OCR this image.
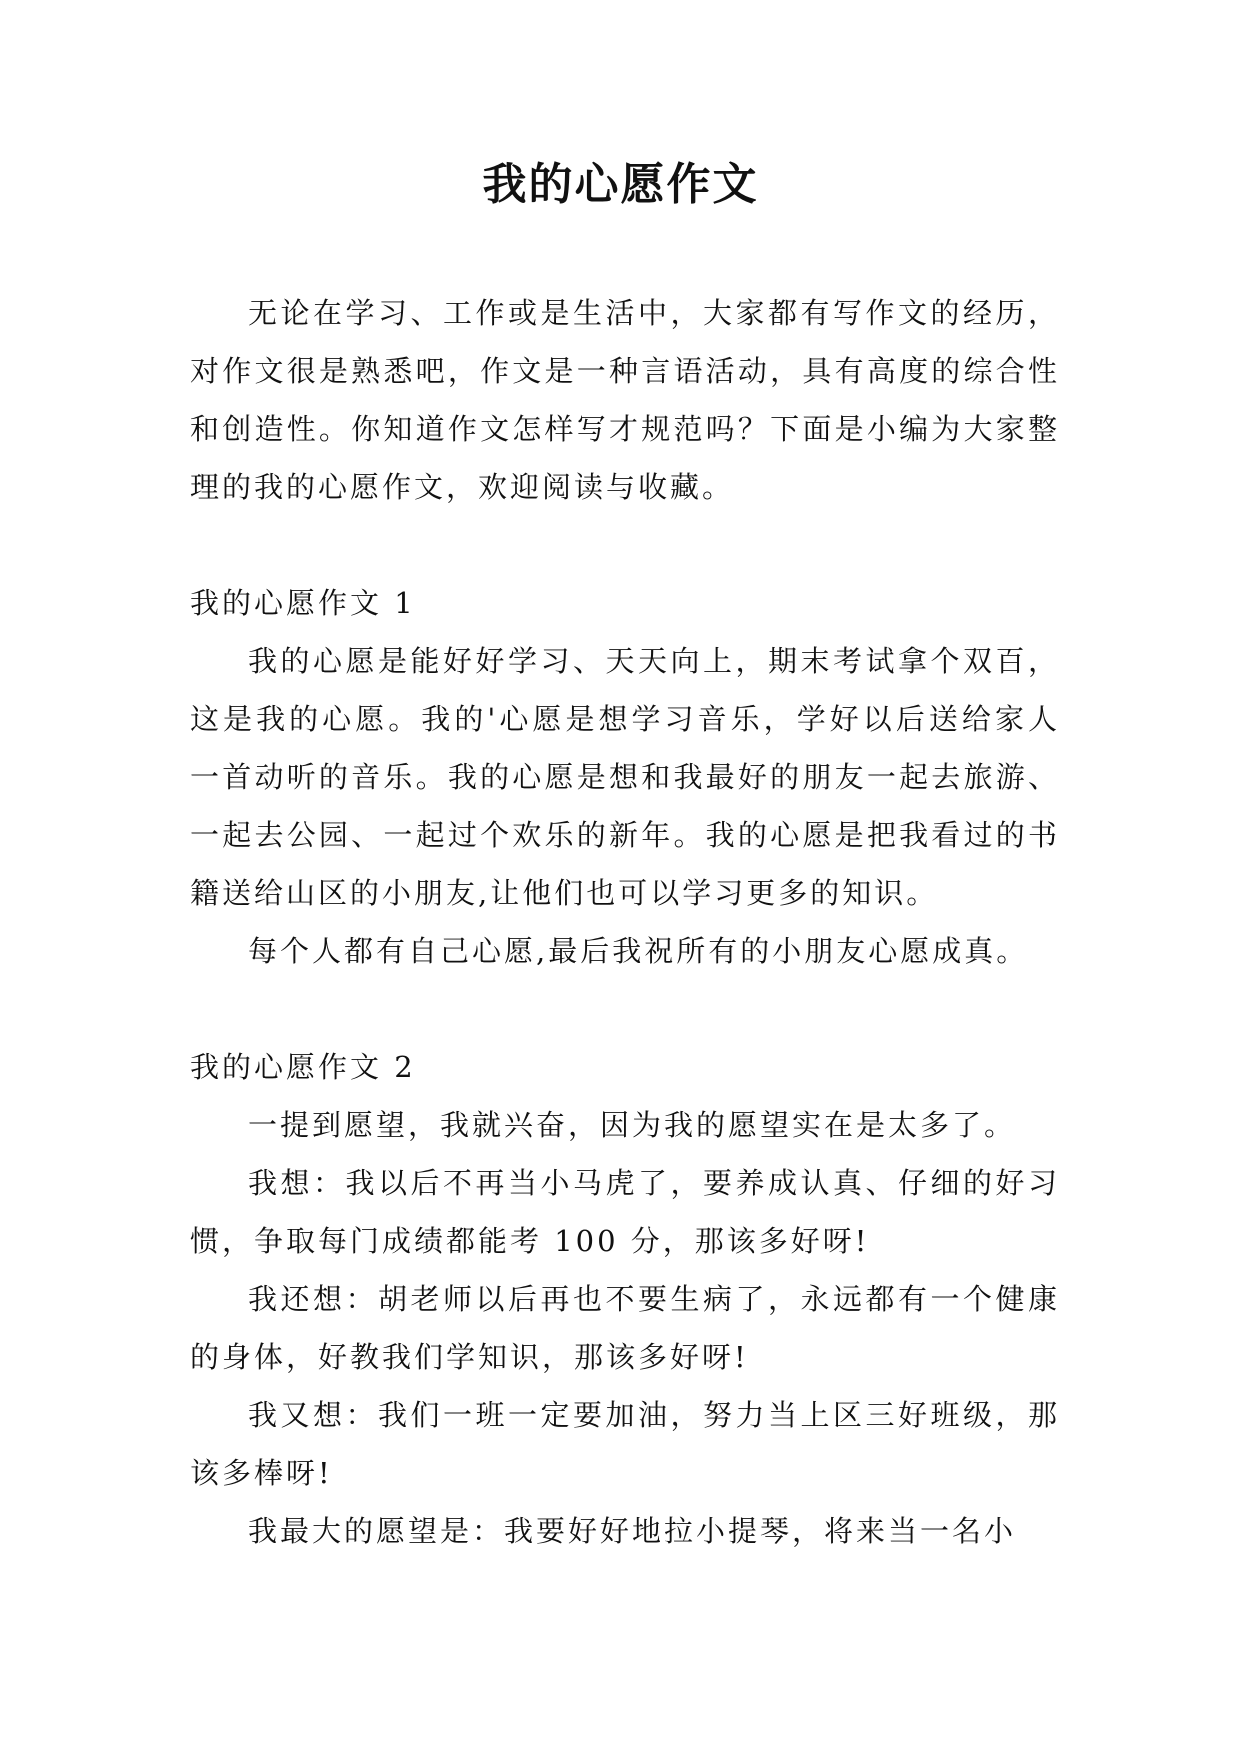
我的心愿作文

无论在学习、工作或是生活中，大家都有写作文的经历，对作文很是熟悉吧，作文是一种言语活动，具有高度的综合性和创造性。你知道作文怎样写才规范吗？下面是小编为大家整理的我的心愿作文，欢迎阅读与收藏。

我的心愿作文 1

我的心愿是能好好学习、天天向上，期末考试拿个双百，这是我的心愿。我的'心愿是想学习音乐，学好以后送给家人一首动听的音乐。我的心愿是想和我最好的朋友一起去旅游、一起去公园、一起过个欢乐的新年。我的心愿是把我看过的书籍送给山区的小朋友,让他们也可以学习更多的知识。

每个人都有自己心愿,最后我祝所有的小朋友心愿成真。

我的心愿作文 2

一提到愿望，我就兴奋，因为我的愿望实在是太多了。

我想：我以后不再当小马虎了，要养成认真、仔细的好习惯，争取每门成绩都能考 100 分，那该多好呀!

我还想：胡老师以后再也不要生病了，永远都有一个健康的身体，好教我们学知识，那该多好呀!

我又想：我们一班一定要加油，努力当上区三好班级，那该多棒呀!

我最大的愿望是：我要好好地拉小提琴，将来当一名小
